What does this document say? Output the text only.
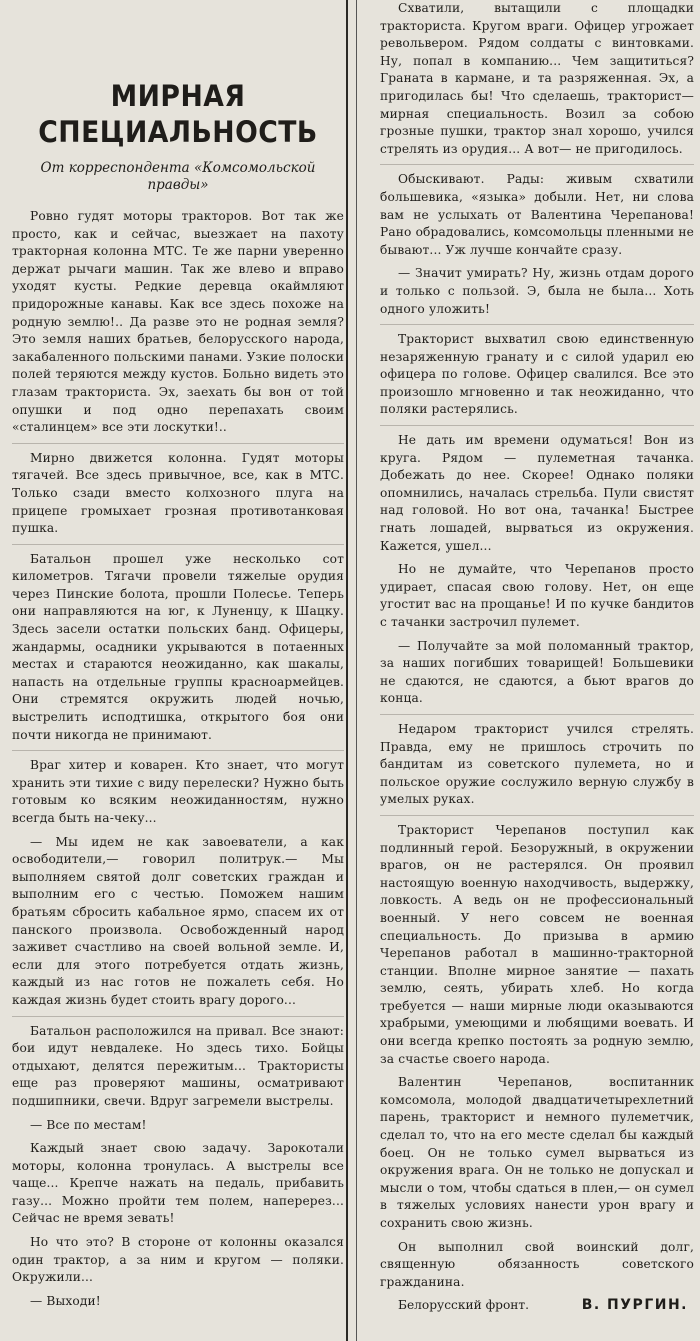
МИРНАЯ
СПЕЦИАЛЬНОСТЬ
От корреспондента «Комсомольской правды»

Ровно гудят моторы тракторов. Вот так же просто, как и сейчас, выезжает на пахоту тракторная колонна МТС. Те же парни уверенно держат рычаги машин. Так же влево и вправо уходят кусты. Редкие деревца окаймляют придорожные канавы. Как все здесь похоже на родную землю!.. Да разве это не родная земля? Это земля наших братьев, белорусского народа, закабаленного польскими панами. Узкие полоски полей теряются между кустов. Больно видеть это глазам тракториста. Эх, заехать бы вон от той опушки и под одно перепахать своим «сталинцем» все эти лоскутки!..

Мирно движется колонна. Гудят моторы тягачей. Все здесь привычное, все, как в МТС. Только сзади вместо колхозного плуга на прицепе громыхает грозная противотанковая пушка.

Батальон прошел уже несколько сот километров. Тягачи провели тяжелые орудия через Пинские болота, прошли Полесье. Теперь они направляются на юг, к Луненцу, к Шацку. Здесь засели остатки польских банд. Офицеры, жандармы, осадники укрываются в потаенных местах и стараются неожиданно, как шакалы, напасть на отдельные группы красноармейцев. Они стремятся окружить людей ночью, выстрелить исподтишка, открытого боя они почти никогда не принимают.

Враг хитер и коварен. Кто знает, что могут хранить эти тихие с виду перелески? Нужно быть готовым ко всяким неожиданностям, нужно всегда быть на-чеку...

— Мы идем не как завоеватели, а как освободители,— говорил политрук.— Мы выполняем святой долг советских граждан и выполним его с честью. Поможем нашим братьям сбросить кабальное ярмо, спасем их от панского произвола. Освобожденный народ заживет счастливо на своей вольной земле. И, если для этого потребуется отдать жизнь, каждый из нас готов не пожалеть себя. Но каждая жизнь будет стоить врагу дорого...

Батальон расположился на привал. Все знают: бои идут невдалеке. Но здесь тихо. Бойцы отдыхают, делятся пережитым... Трактористы еще раз проверяют машины, осматривают подшипники, свечи. Вдруг загремели выстрелы.

— Все по местам!

Каждый знает свою задачу. Зарокотали моторы, колонна тронулась. А выстрелы все чаще... Крепче нажать на педаль, прибавить газу... Можно пройти тем полем, наперерез... Сейчас не время зевать!

Но что это? В стороне от колонны оказался один трактор, а за ним и кругом — поляки. Окружили...

— Выходи!

Схватили, вытащили с площадки тракториста. Кругом враги. Офицер угрожает револьвером. Рядом солдаты с винтовками. Ну, попал в компанию... Чем защититься? Граната в кармане, и та разряженная. Эх, а пригодилась бы! Что сделаешь, тракторист—мирная специальность. Возил за собою грозные пушки, трактор знал хорошо, учился стрелять из орудия... А вот— не пригодилось.

Обыскивают. Рады: живым схватили большевика, «языка» добыли. Нет, ни слова вам не услыхать от Валентина Черепанова! Рано обрадовались, комсомольцы пленными не бывают... Уж лучше кончайте сразу.

— Значит умирать? Ну, жизнь отдам дорого и только с пользой. Э, была не была... Хоть одного уложить!

Тракторист выхватил свою единственную незаряженную гранату и с силой ударил ею офицера по голове. Офицер свалился. Все это произошло мгновенно и так неожиданно, что поляки растерялись.

Не дать им времени одуматься! Вон из круга. Рядом — пулеметная тачанка. Добежать до нее. Скорее! Однако поляки опомнились, началась стрельба. Пули свистят над головой. Но вот она, тачанка! Быстрее гнать лошадей, вырваться из окружения. Кажется, ушел...

Но не думайте, что Черепанов просто удирает, спасая свою голову. Нет, он еще угостит вас на прощанье! И по кучке бандитов с тачанки застрочил пулемет.

— Получайте за мой поломанный трактор, за наших погибших товарищей! Большевики не сдаются, не сдаются, а бьют врагов до конца.

Недаром тракторист учился стрелять. Правда, ему не пришлось строчить по бандитам из советского пулемета, но и польское оружие сослужило верную службу в умелых руках.

Тракторист Черепанов поступил как подлинный герой. Безоружный, в окружении врагов, он не растерялся. Он проявил настоящую военную находчивость, выдержку, ловкость. А ведь он не профессиональный военный. У него совсем не военная специальность. До призыва в армию Черепанов работал в машинно-тракторной станции. Вполне мирное занятие — пахать землю, сеять, убирать хлеб. Но когда требуется — наши мирные люди оказываются храбрыми, умеющими и любящими воевать. И они всегда крепко постоять за родную землю, за счастье своего народа.

Валентин Черепанов, воспитанник комсомола, молодой двадцатичетырехлетний парень, тракторист и немного пулеметчик, сделал то, что на его месте сделал бы каждый боец. Он не только сумел вырваться из окружения врага. Он не только не допускал и мысли о том, чтобы сдаться в плен,— он сумел в тяжелых условиях нанести урон врагу и сохранить свою жизнь.

Он выполнил свой воинский долг, священную обязанность советского гражданина.

Белорусский фронт.	В. ПУРГИН.
